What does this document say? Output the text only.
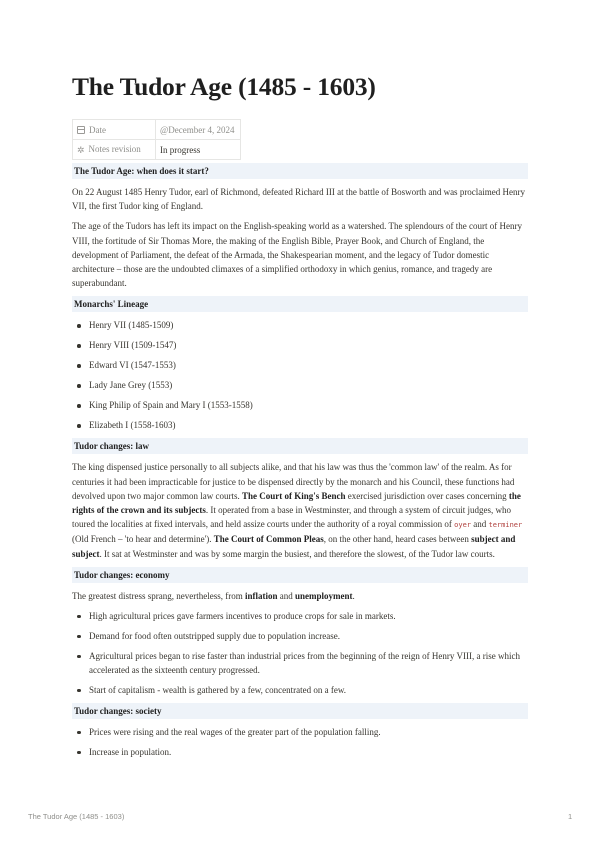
The Tudor Age (1485 - 1603)
Date	@December 4, 2024
✲ Notes revision	In progress
The Tudor Age: when does it start?

On 22 August 1485 Henry Tudor, earl of Richmond, defeated Richard III at the battle of Bosworth and was proclaimed Henry VII, the first Tudor king of England.

The age of the Tudors has left its impact on the English-speaking world as a watershed. The splendours of the court of Henry VIII, the fortitude of Sir Thomas More, the making of the English Bible, Prayer Book, and Church of England, the development of Parliament, the defeat of the Armada, the Shakespearian moment, and the legacy of Tudor domestic architecture – those are the undoubted climaxes of a simplified orthodoxy in which genius, romance, and tragedy are superabundant.

Monarchs' Lineage
Henry VII (1485-1509)
Henry VIII (1509-1547)
Edward VI (1547-1553)
Lady Jane Grey (1553)
King Philip of Spain and Mary I (1553-1558)
Elizabeth I (1558-1603)
Tudor changes: law

The king dispensed justice personally to all subjects alike, and that his law was thus the 'common law' of the realm. As for centuries it had been impracticable for justice to be dispensed directly by the monarch and his Council, these functions had devolved upon two major common law courts. The Court of King's Bench exercised jurisdiction over cases concerning the rights of the crown and its subjects. It operated from a base in Westminster, and through a system of circuit judges, who toured the localities at fixed intervals, and held assize courts under the authority of a royal commission of oyer and terminer (Old French – 'to hear and determine'). The Court of Common Pleas, on the other hand, heard cases between subject and subject. It sat at Westminster and was by some margin the busiest, and therefore the slowest, of the Tudor law courts.

Tudor changes: economy

The greatest distress sprang, nevertheless, from inflation and unemployment.

High agricultural prices gave farmers incentives to produce crops for sale in markets.
Demand for food often outstripped supply due to population increase.
Agricultural prices began to rise faster than industrial prices from the beginning of the reign of Henry VIII, a rise which accelerated as the sixteenth century progressed.
Start of capitalism - wealth is gathered by a few, concentrated on a few.
Tudor changes: society
Prices were rising and the real wages of the greater part of the population falling.
Increase in population.
The Tudor Age (1485 - 1603)	1
